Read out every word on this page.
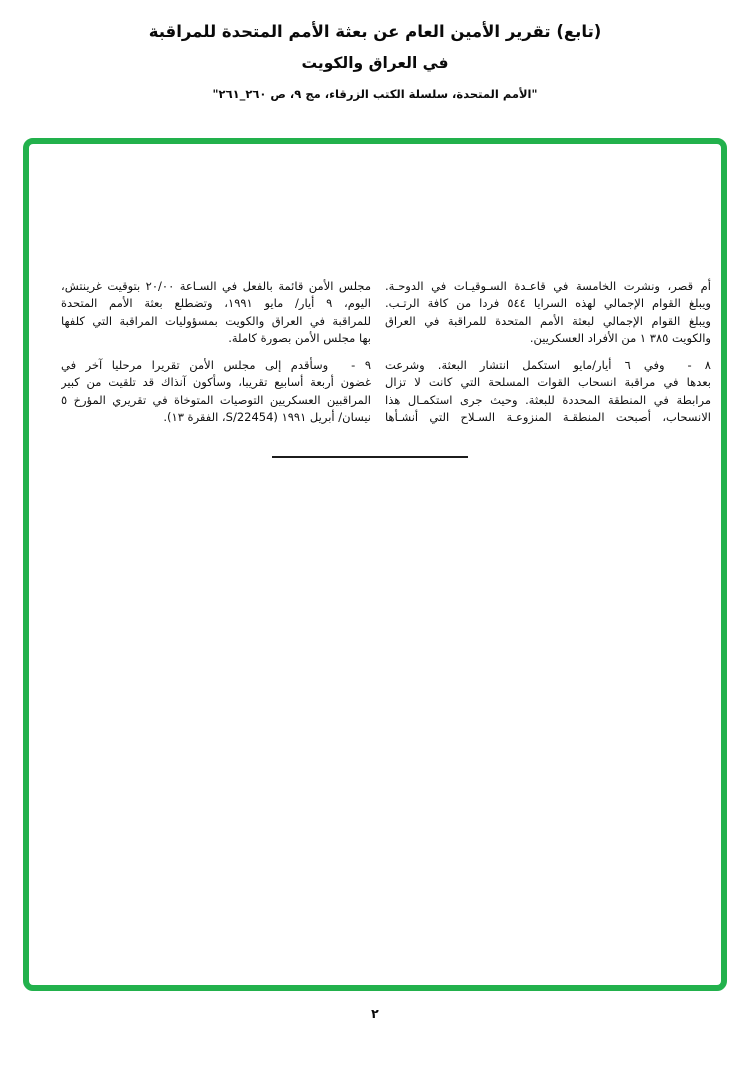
(تابع) تقرير الأمين العام عن بعثة الأمم المتحدة للمراقبة
في العراق والكويت
"الأمم المتحدة، سلسلة الكتب الزرقاء، مج ٩، ص ٢٦٠_٢٦١"
أم قصر، ونشرت الخامسة في قاعـدة السـوقيـات في الدوحـة.
ويبلغ القوام الإجمالي لهذه السرايا ٥٤٤ فردا من كافة الرتـب.
ويبلغ القوام الإجمالي لبعثة الأمم المتحدة للمراقبة في العراق
والكويت ٣٨٥ ١ من الأفراد العسكريين.
٨ -  وفي ٦ أيار/مايو استكمل انتشار البعثة. وشرعت
بعدها في مراقبة انسحاب القوات المسلحة التي كانت لا تزال
مرابطة في المنطقة المحددة للبعثة. وحيث جرى استكمـال هذا
الانسحاب، أصبحت المنطقـة المنزوعـة السـلاح التي أنشـأها
مجلس الأمن قائمة بالفعل في السـاعة ٢٠/٠٠ بتوقيت غرينتش،
اليوم، ٩ أيار/ مايو ١٩٩١، وتضطلع بعثة الأمم المتحدة
للمراقبة في العراق والكويت بمسؤوليات المراقبة التي كلفها
بها مجلس الأمن بصورة كاملة.
٩ -  وسأقدم إلى مجلس الأمن تقريرا مرحليا آخر في
غضون أربعة أسابيع تقريبا، وسأكون آنذاك قد تلقيت من كبير
المراقبين العسكريين التوصيات المتوخاة في تقريري المؤرخ ٥
نيسان/ أبريل ١٩٩١ (S/22454، الفقرة ١٣).
٢
